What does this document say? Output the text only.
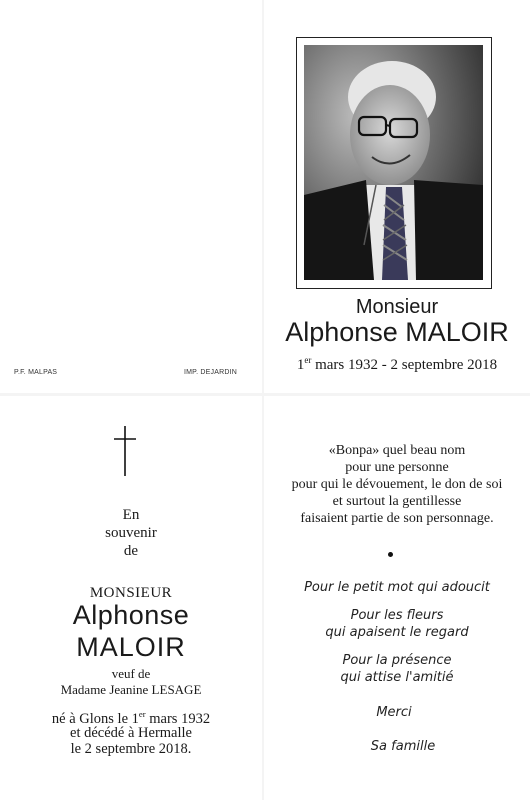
P.F. MALPAS	IMP. DEJARDIN
Monsieur
Alphonse MALOIR
1er mars 1932 - 2 septembre 2018
En
souvenir
de
MONSIEUR
Alphonse
MALOIR
veuf de
Madame Jeanine LESAGE
né à Glons le 1er mars 1932
et décédé à Hermalle
le 2 septembre 2018.
«Bonpa» quel beau nom
pour une personne
pour qui le dévouement, le don de soi
et surtout la gentillesse
faisaient partie de son personnage.
Pour le petit mot qui adoucit
Pour les fleurs
qui apaisent le regard
Pour la présence
qui attise l'amitié
Merci
Sa famille
